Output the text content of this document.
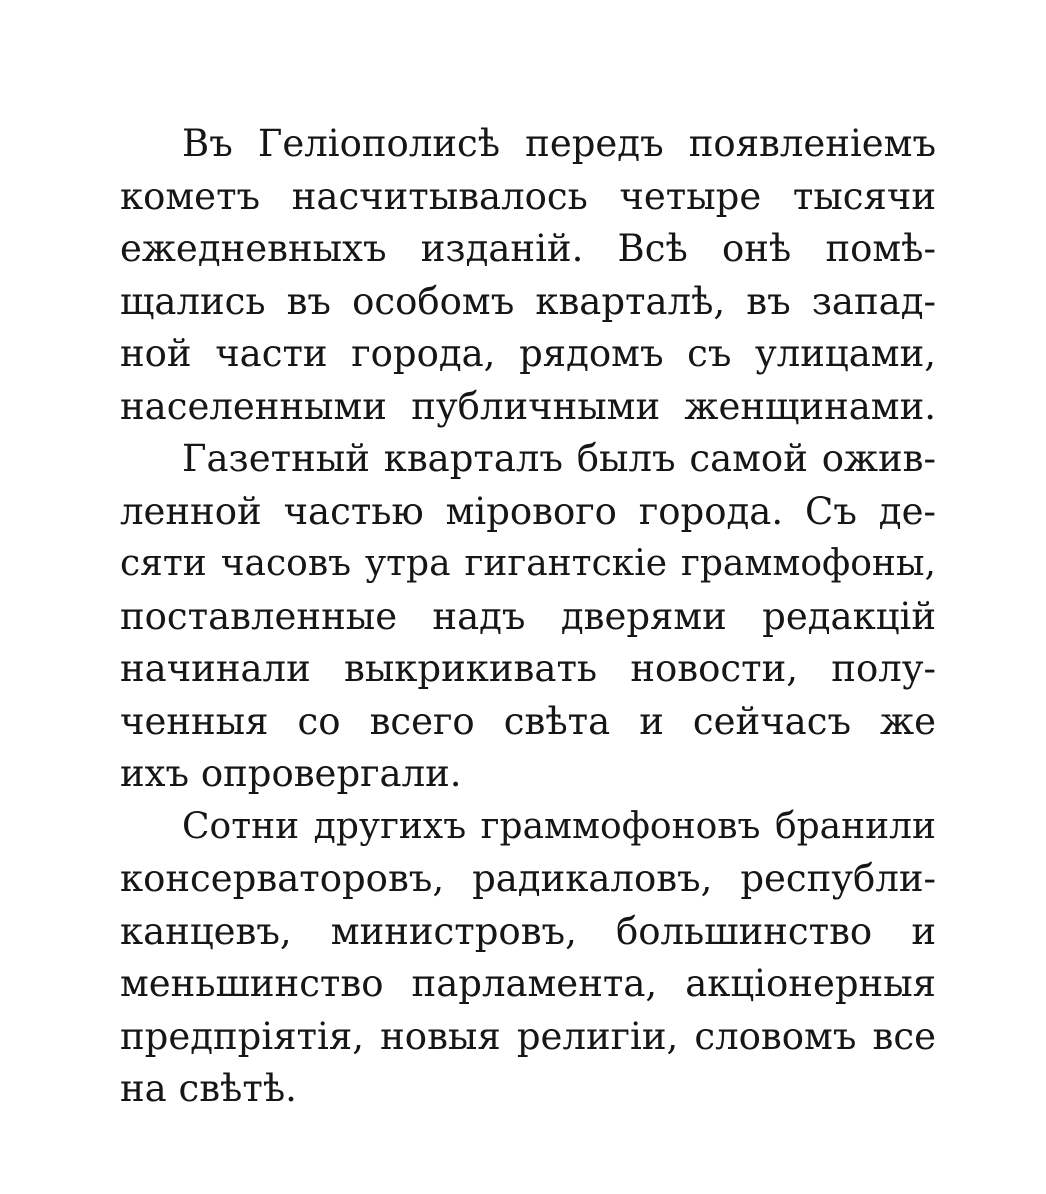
Въ Геліополисѣ передъ появленіемъ
кометъ насчитывалось четыре тысячи
ежедневныхъ изданій. Всѣ онѣ помѣ-
щались въ особомъ кварталѣ, въ запад-
ной части города, рядомъ съ улицами,
населенными публичными женщинами.

Газетный кварталъ былъ самой ожив-
ленной частью мірового города. Съ де-
сяти часовъ утра гигантскіе граммофоны,
поставленные надъ дверями редакцій
начинали выкрикивать новости, полу-
ченныя со всего свѣта и сейчасъ же
ихъ опровергали.

Сотни другихъ граммофоновъ бранили
консерваторовъ, радикаловъ, республи-
канцевъ, министровъ, большинство и
меньшинство парламента, акціонерныя
предпріятія, новыя религіи, словомъ все
на свѣтѣ.
